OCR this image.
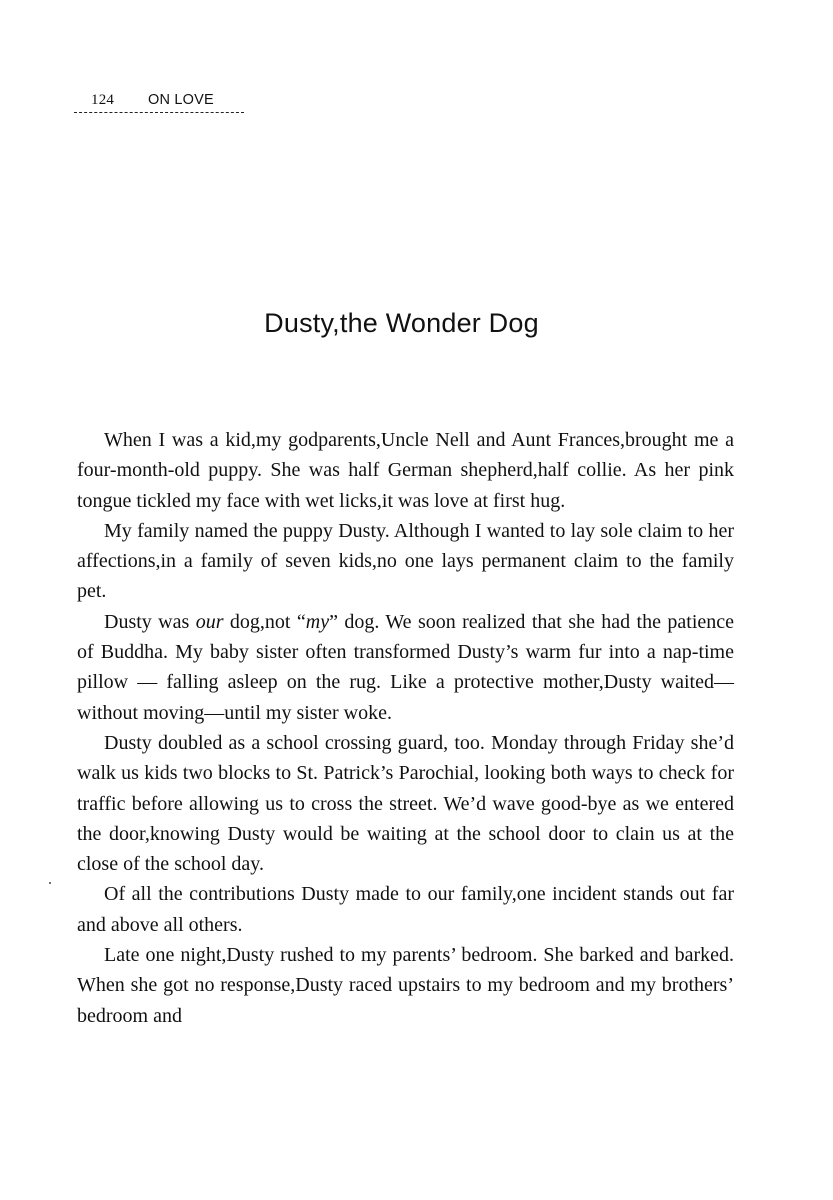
124 ON LOVE
Dusty,the Wonder Dog

When I was a kid,my godparents,Uncle Nell and Aunt Frances,brought me a four-month-old puppy. She was half German shepherd,half collie. As her pink tongue tickled my face with wet licks,it was love at first hug.

My family named the puppy Dusty. Although I wanted to lay sole claim to her affections,in a family of seven kids,no one lays permanent claim to the family pet.

Dusty was our dog,not “my” dog. We soon realized that she had the patience of Buddha. My baby sister often transformed Dusty’s warm fur into a nap-time pillow — falling asleep on the rug. Like a protective mother,Dusty waited—without moving—until my sister woke.

Dusty doubled as a school crossing guard, too. Monday through Friday she’d walk us kids two blocks to St. Patrick’s Parochial, looking both ways to check for traffic before allowing us to cross the street. We’d wave good-bye as we entered the door,knowing Dusty would be waiting at the school door to clain us at the close of the school day.

Of all the contributions Dusty made to our family,one incident stands out far and above all others.

Late one night,Dusty rushed to my parents’ bedroom. She barked and barked. When she got no response,Dusty raced upstairs to my bedroom and my brothers’ bedroom and
